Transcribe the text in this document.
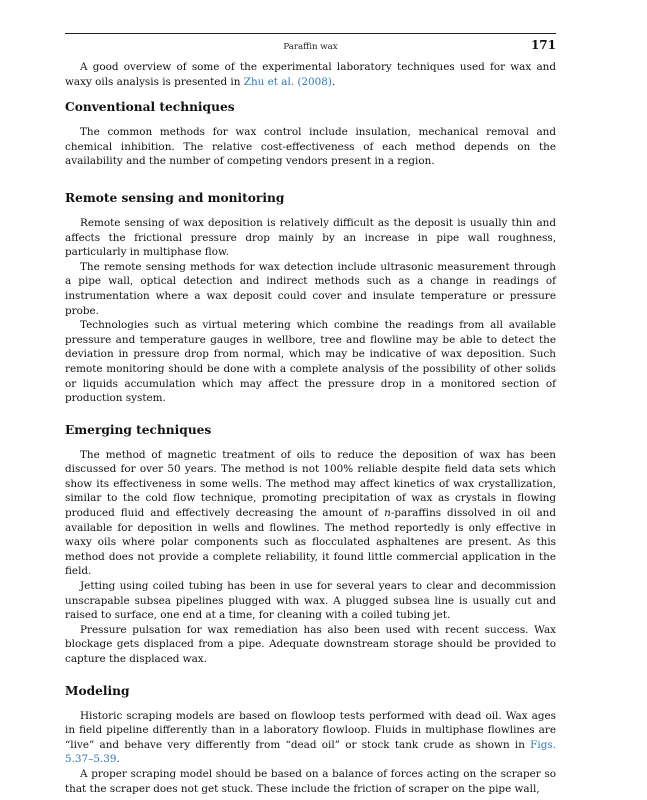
Paraffin wax	171

A good overview of some of the experimental laboratory techniques used for wax and waxy oils analysis is presented in Zhu et al. (2008).

Conventional techniques

The common methods for wax control include insulation, mechanical removal and chemical inhibition. The relative cost-effectiveness of each method depends on the availability and the number of competing vendors present in a region.

Remote sensing and monitoring

Remote sensing of wax deposition is relatively difficult as the deposit is usually thin and affects the frictional pressure drop mainly by an increase in pipe wall roughness, particularly in multiphase flow.

The remote sensing methods for wax detection include ultrasonic measurement through a pipe wall, optical detection and indirect methods such as a change in readings of instrumentation where a wax deposit could cover and insulate temperature or pressure probe.

Technologies such as virtual metering which combine the readings from all available pressure and temperature gauges in wellbore, tree and flowline may be able to detect the deviation in pressure drop from normal, which may be indicative of wax deposition. Such remote monitoring should be done with a complete analysis of the possibility of other solids or liquids accumulation which may affect the pressure drop in a monitored section of production system.

Emerging techniques

The method of magnetic treatment of oils to reduce the deposition of wax has been discussed for over 50 years. The method is not 100% reliable despite field data sets which show its effectiveness in some wells. The method may affect kinetics of wax crystallization, similar to the cold flow technique, promoting precipitation of wax as crystals in flowing produced fluid and effectively decreasing the amount of n-paraffins dissolved in oil and available for deposition in wells and flowlines. The method reportedly is only effective in waxy oils where polar components such as flocculated asphaltenes are present. As this method does not provide a complete reliability, it found little commercial application in the field.

Jetting using coiled tubing has been in use for several years to clear and decommission unscrapable subsea pipelines plugged with wax. A plugged subsea line is usually cut and raised to surface, one end at a time, for cleaning with a coiled tubing jet.

Pressure pulsation for wax remediation has also been used with recent success. Wax blockage gets displaced from a pipe. Adequate downstream storage should be provided to capture the displaced wax.

Modeling

Historic scraping models are based on flowloop tests performed with dead oil. Wax ages in field pipeline differently than in a laboratory flowloop. Fluids in multiphase flowlines are “live” and behave very differently from “dead oil” or stock tank crude as shown in Figs. 5.37–5.39.

A proper scraping model should be based on a balance of forces acting on the scraper so that the scraper does not get stuck. These include the friction of scraper on the pipe wall,
